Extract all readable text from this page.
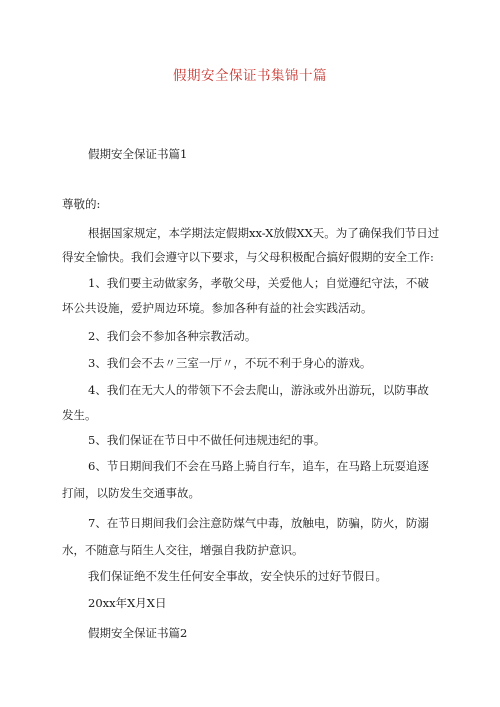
假期安全保证书集锦十篇
假期安全保证书篇1
尊敬的:
根据国家规定，本学期法定假期xx-X放假XX天。为了确保我们节日过
得安全愉快。我们会遵守以下要求，与父母积极配合搞好假期的安全工作:
1、我们要主动做家务，孝敬父母，关爱他人；自觉遵纪守法，不破
坏公共设施，爱护周边环境。参加各种有益的社会实践活动。
2、我们会不参加各种宗教活动。
3、我们会不去〃三室一厅〃，不玩不利于身心的游戏。
4、我们在无大人的带领下不会去爬山，游泳或外出游玩，以防事故
发生。
5、我们保证在节日中不做任何违规违纪的事。
6、节日期间我们不会在马路上骑自行车，追车，在马路上玩耍追逐
打闹，以防发生交通事故。
7、在节日期间我们会注意防煤气中毒，放触电，防骗，防火，防溺
水，不随意与陌生人交往，增强自我防护意识。
我们保证绝不发生任何安全事故，安全快乐的过好节假日。
20xx年X月X日
假期安全保证书篇2
